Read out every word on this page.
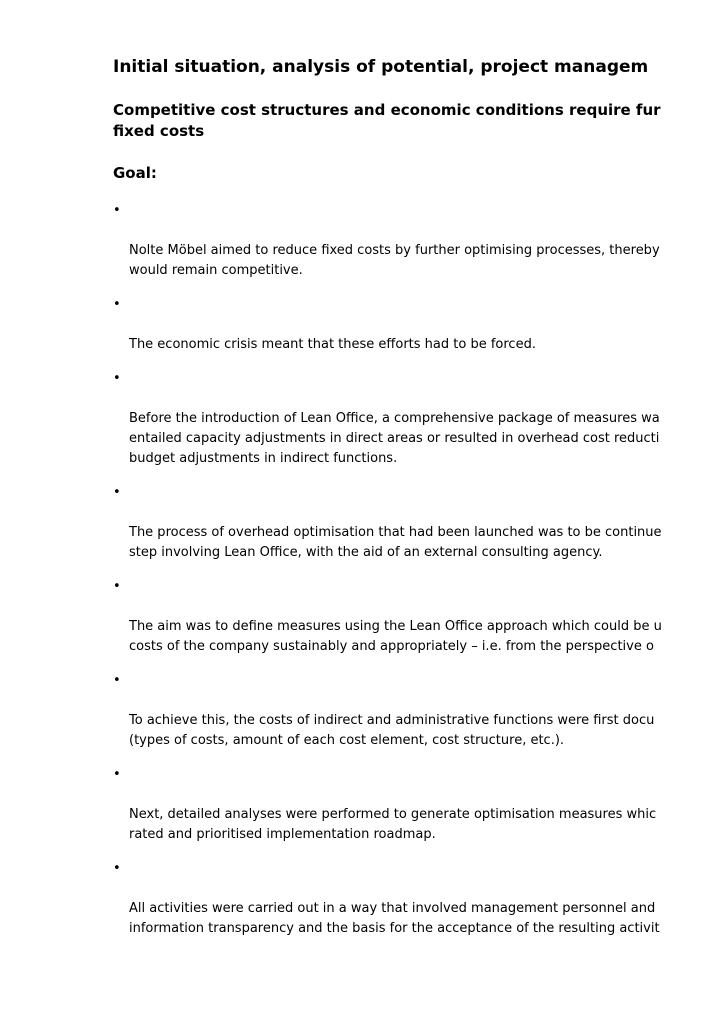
Initial situation, analysis of potential, project managem
Competitive cost structures and economic conditions require fur
fixed costs
Goal:

•

Nolte Möbel aimed to reduce fixed costs by further optimising processes, thereby
would remain competitive.

•

The economic crisis meant that these efforts had to be forced.

•

Before the introduction of Lean Office, a comprehensive package of measures wa
entailed capacity adjustments in direct areas or resulted in overhead cost reducti
budget adjustments in indirect functions.

•

The process of overhead optimisation that had been launched was to be continue
step involving Lean Office, with the aid of an external consulting agency.

•

The aim was to define measures using the Lean Office approach which could be u
costs of the company sustainably and appropriately – i.e. from the perspective o

•

To achieve this, the costs of indirect and administrative functions were first docu
(types of costs, amount of each cost element, cost structure, etc.).

•

Next, detailed analyses were performed to generate optimisation measures whic
rated and prioritised implementation roadmap.

•

All activities were carried out in a way that involved management personnel and
information transparency and the basis for the acceptance of the resulting activit
